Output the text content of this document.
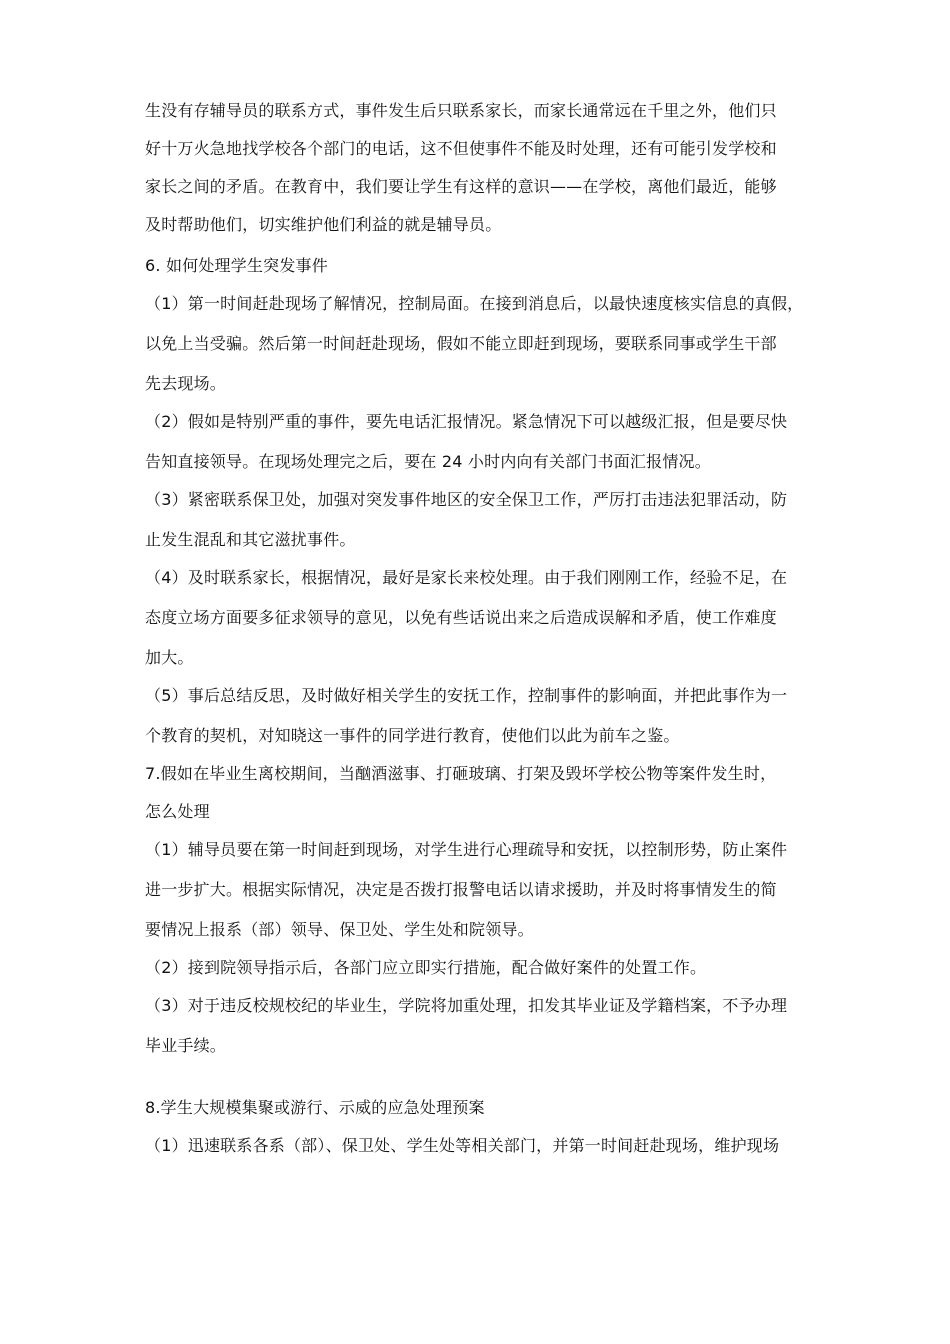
生没有存辅导员的联系方式，事件发生后只联系家长，而家长通常远在千里之外，他们只
好十万火急地找学校各个部门的电话，这不但使事件不能及时处理，还有可能引发学校和
家长之间的矛盾。在教育中，我们要让学生有这样的意识——在学校，离他们最近，能够
及时帮助他们，切实维护他们利益的就是辅导员。
6. 如何处理学生突发事件
（1）第一时间赶赴现场了解情况，控制局面。在接到消息后，以最快速度核实信息的真假，
以免上当受骗。然后第一时间赶赴现场，假如不能立即赶到现场，要联系同事或学生干部
先去现场。
（2）假如是特别严重的事件，要先电话汇报情况。紧急情况下可以越级汇报，但是要尽快
告知直接领导。在现场处理完之后，要在 24 小时内向有关部门书面汇报情况。
（3）紧密联系保卫处，加强对突发事件地区的安全保卫工作，严厉打击违法犯罪活动，防
止发生混乱和其它滋扰事件。
（4）及时联系家长，根据情况，最好是家长来校处理。由于我们刚刚工作，经验不足，在
态度立场方面要多征求领导的意见，以免有些话说出来之后造成误解和矛盾，使工作难度
加大。
（5）事后总结反思，及时做好相关学生的安抚工作，控制事件的影响面，并把此事作为一
个教育的契机，对知晓这一事件的同学进行教育，使他们以此为前车之鉴。
7.假如在毕业生离校期间，当酗酒滋事、打砸玻璃、打架及毁坏学校公物等案件发生时，
怎么处理
（1）辅导员要在第一时间赶到现场，对学生进行心理疏导和安抚，以控制形势，防止案件
进一步扩大。根据实际情况，决定是否拨打报警电话以请求援助，并及时将事情发生的简
要情况上报系（部）领导、保卫处、学生处和院领导。
（2）接到院领导指示后，各部门应立即实行措施，配合做好案件的处置工作。
（3）对于违反校规校纪的毕业生，学院将加重处理，扣发其毕业证及学籍档案，不予办理
毕业手续。
8.学生大规模集聚或游行、示威的应急处理预案
（1）迅速联系各系（部）、保卫处、学生处等相关部门，并第一时间赶赴现场，维护现场
